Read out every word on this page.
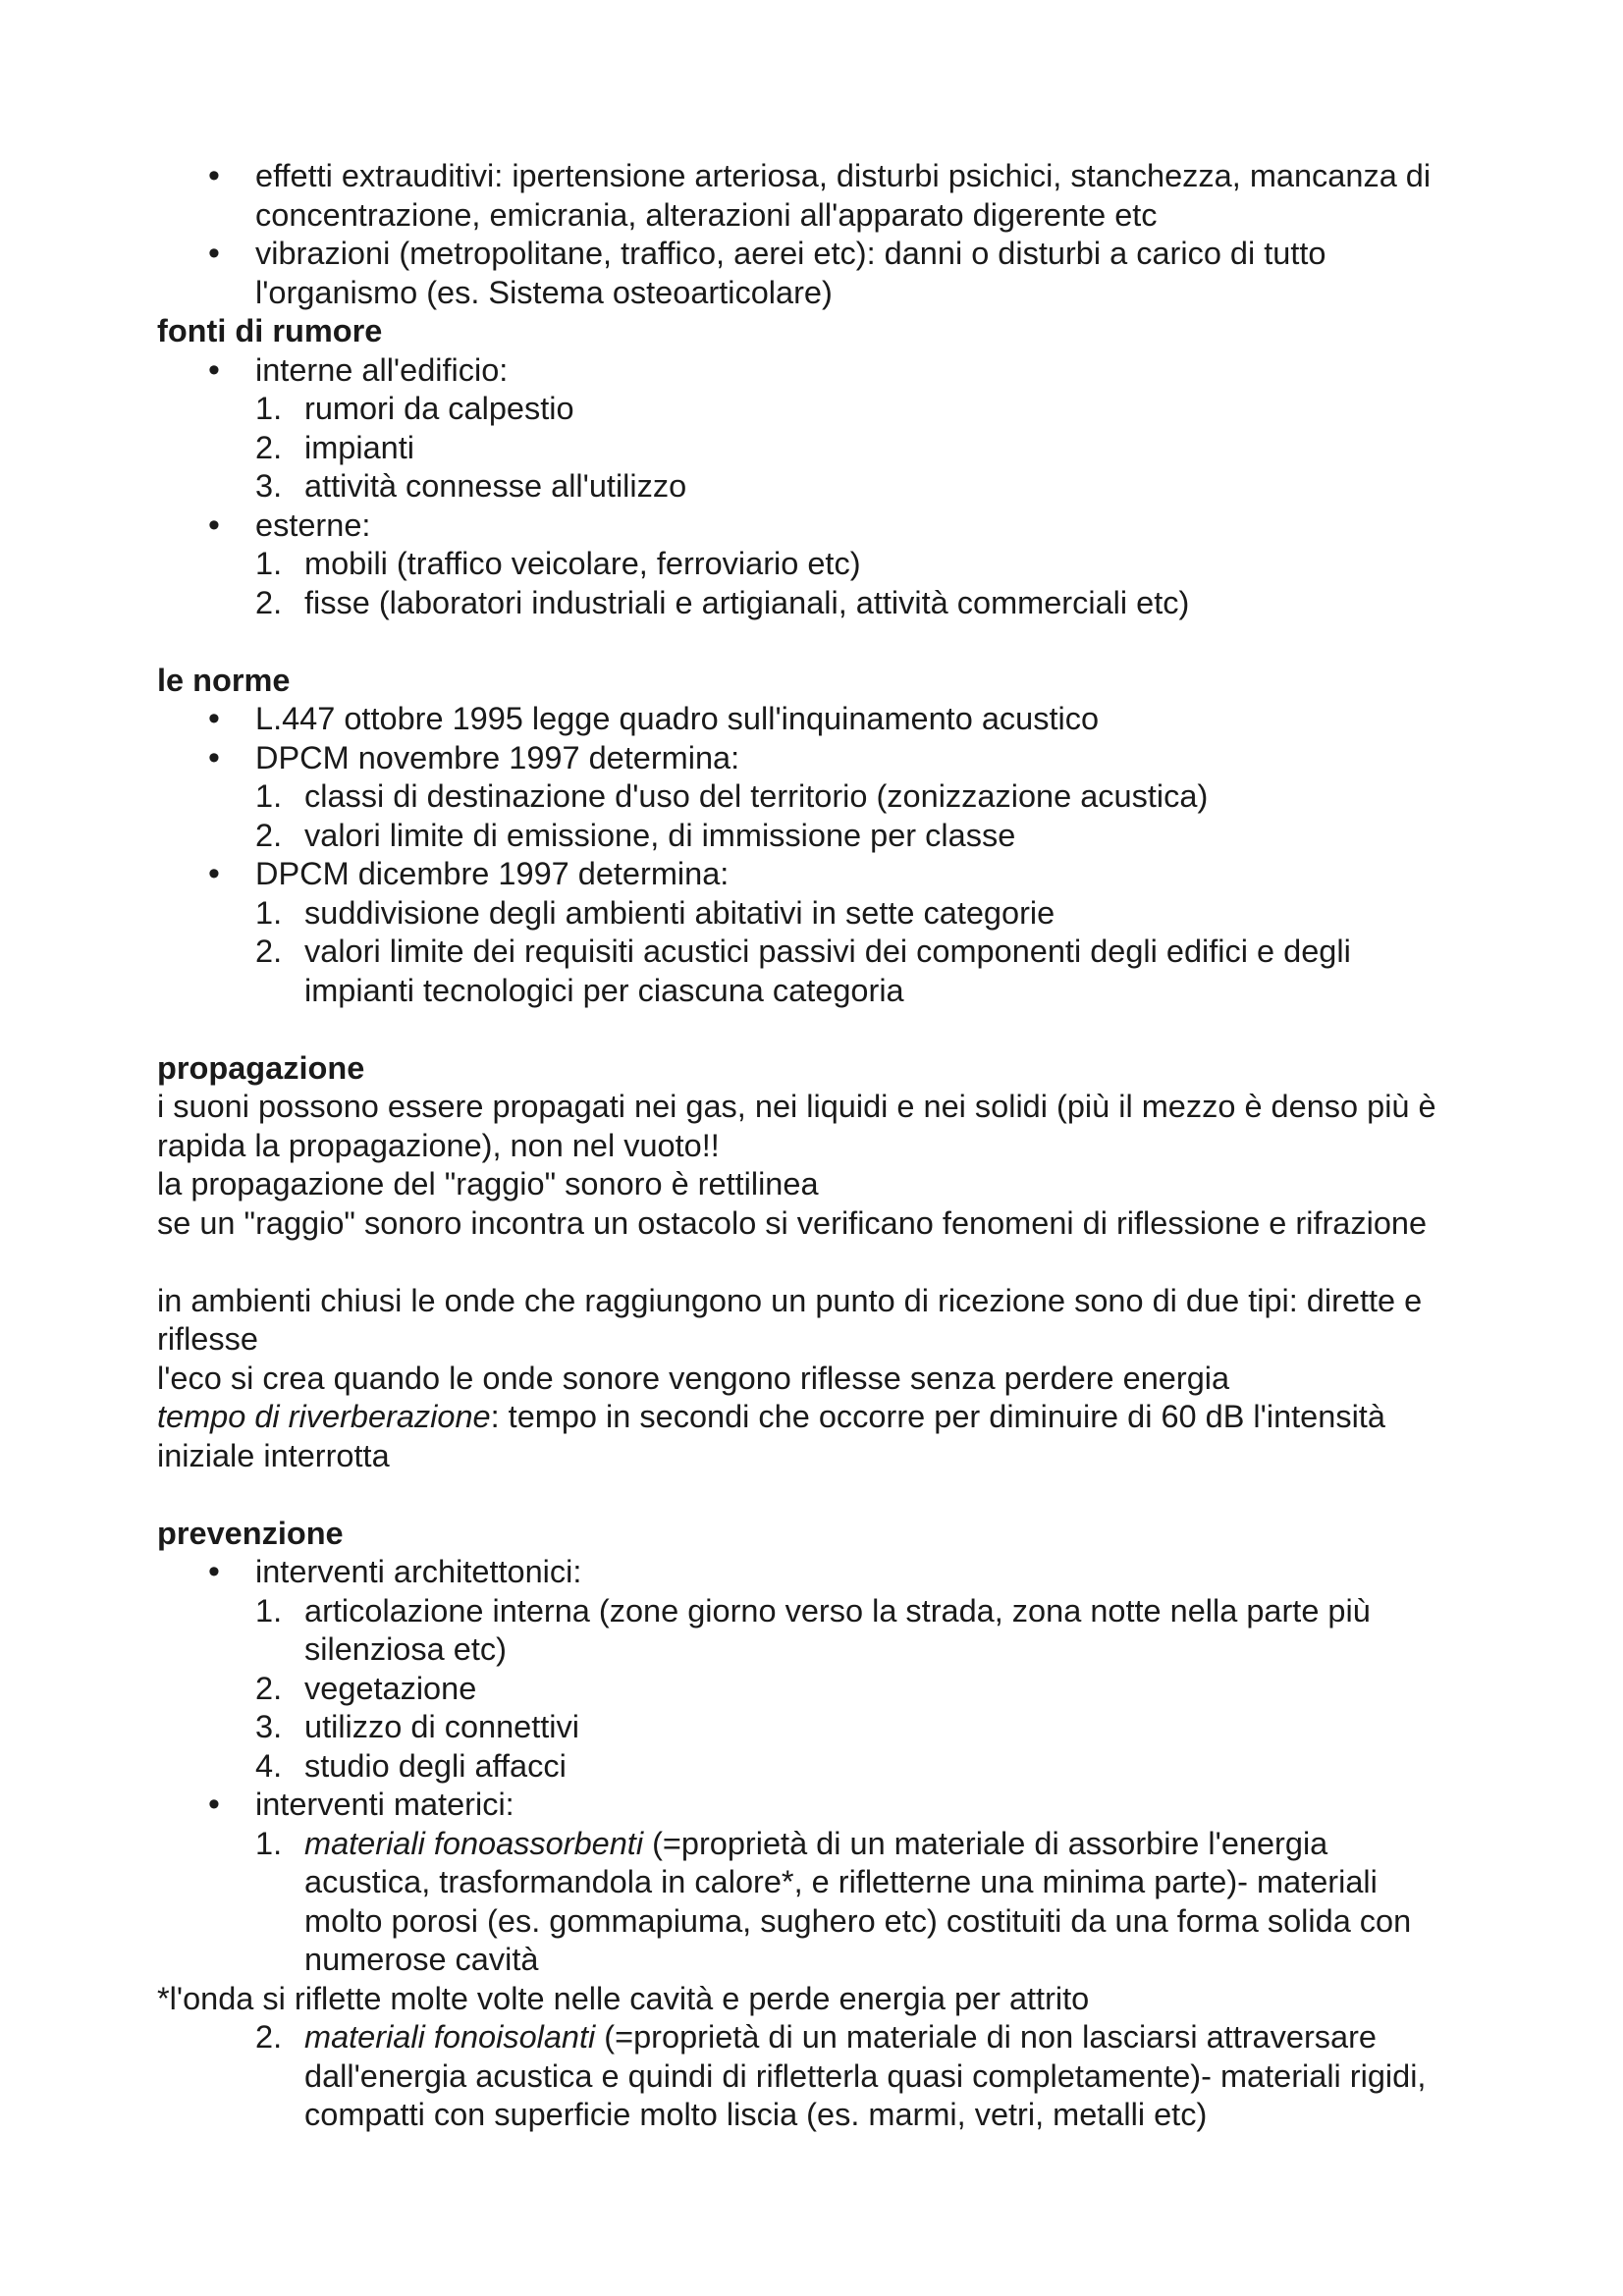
•
effetti extrauditivi: ipertensione arteriosa, disturbi psichici, stanchezza, mancanza di
concentrazione, emicrania, alterazioni all'apparato digerente etc
•
vibrazioni (metropolitane, traffico, aerei etc): danni o disturbi a carico di tutto
l'organismo (es. Sistema osteoarticolare)
fonti di rumore
•
interne all'edificio:
1. rumori da calpestio
2. impianti
3. attività connesse all'utilizzo
•
esterne:
1. mobili (traffico veicolare, ferroviario etc)
2. fisse (laboratori industriali e artigianali, attività commerciali etc)
le norme
•
L.447 ottobre 1995 legge quadro sull'inquinamento acustico
•
DPCM novembre 1997 determina:
1. classi di destinazione d'uso del territorio (zonizzazione acustica)
2. valori limite di emissione, di immissione per classe
•
DPCM dicembre 1997 determina:
1. suddivisione degli ambienti abitativi in sette categorie
2. valori limite dei requisiti acustici passivi dei componenti degli edifici e degli
impianti tecnologici per ciascuna categoria
propagazione
i suoni possono essere propagati nei gas, nei liquidi e nei solidi (più il mezzo è denso più è
rapida la propagazione), non nel vuoto!!
la propagazione del "raggio" sonoro è rettilinea
se un "raggio" sonoro incontra un ostacolo si verificano fenomeni di riflessione e rifrazione
in ambienti chiusi le onde che raggiungono un punto di ricezione sono di due tipi: dirette e
riflesse
l'eco si crea quando le onde sonore vengono riflesse senza perdere energia
tempo di riverberazione: tempo in secondi che occorre per diminuire di 60 dB l'intensità
iniziale interrotta
prevenzione
•
interventi architettonici:
1. articolazione interna (zone giorno verso la strada, zona notte nella parte più
silenziosa etc)
2. vegetazione
3. utilizzo di connettivi
4. studio degli affacci
•
interventi materici:
1. materiali fonoassorbenti (=proprietà di un materiale di assorbire l'energia
acustica, trasformandola in calore*, e rifletterne una minima parte)- materiali
molto porosi (es. gommapiuma, sughero etc) costituiti da una forma solida con
numerose cavità
*l'onda si riflette molte volte nelle cavità e perde energia per attrito
2. materiali fonoisolanti (=proprietà di un materiale di non lasciarsi attraversare
dall'energia acustica e quindi di rifletterla quasi completamente)- materiali rigidi,
compatti con superficie molto liscia (es. marmi, vetri, metalli etc)
